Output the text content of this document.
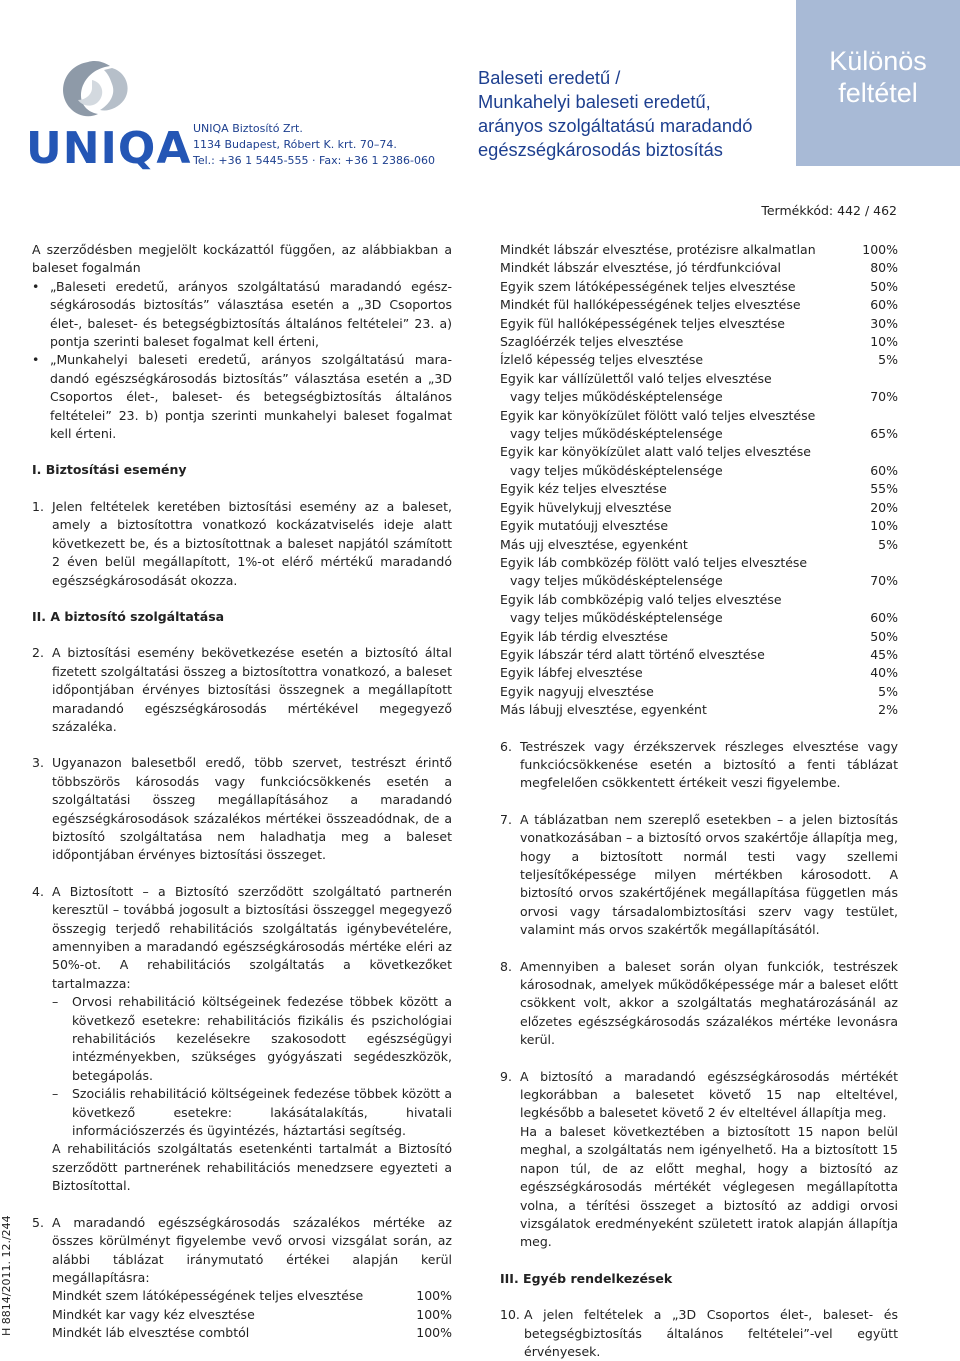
UNIQA UNIQA Biztosító Zrt.
1134 Budapest, Róbert K. krt. 70–74.
Tel.: +36 1 5445-555 · Fax: +36 1 2386-060
Baleseti eredetű /
Munkahelyi baleseti eredetű,
arányos szolgáltatású maradandó
egészségkárosodás biztosítás
Különös
feltétel
Termékkód: 442 / 462
H 8814/2011. 12./244

A szerződésben megjelölt kockázattól függően, az alábbiakban a baleset fogalmán

• „Baleseti eredetű, arányos szolgáltatású maradandó egészségkárosodás biztosítás” választása esetén a „3D Csoportos élet-, baleset- és betegségbiztosítás általános feltételei” 23. a) pontja szerinti baleset fogalmat kell érteni,

• „Munkahelyi baleseti eredetű, arányos szolgáltatású maradandó egészségkárosodás biztosítás” választása esetén a „3D Csoportos élet-, baleset- és betegségbiztosítás általános feltételei” 23. b) pontja szerinti munkahelyi baleset fogalmat kell érteni.

I. Biztosítási esemény
1. Jelen feltételek keretében biztosítási esemény az a baleset, amely a biztosítottra vonatkozó kockázatviselés ideje alatt következett be, és a biztosítottnak a baleset napjától számított 2 éven belül megállapított, 1%-ot elérő mértékű maradandó egészségkárosodását okozza.

II. A biztosító szolgáltatása
2. A biztosítási esemény bekövetkezése esetén a biztosító által fizetett szolgáltatási összeg a biztosítottra vonatkozó, a baleset időpontjában érvényes biztosítási összegnek a megállapított maradandó egészségkárosodás mértékével megegyező százaléka.

3. Ugyanazon balesetből eredő, több szervet, testrészt érintő többszörös károsodás vagy funkciócsökkenés esetén a szolgáltatási összeg megállapításához a maradandó egészségkárosodások százalékos mértékei összeadódnak, de a biztosító szolgáltatása nem haladhatja meg a baleset időpontjában érvényes biztosítási összeget.

4. A Biztosított – a Biztosító szerződött szolgáltató partnerén keresztül – továbbá jogosult a biztosítási összeggel megegyező összegig terjedő rehabilitációs szolgáltatás igénybevételére, amennyiben a maradandó egészségkárosodás mértéke eléri az 50%-ot. A rehabilitációs szolgáltatás a következőket tartalmazza:

– Orvosi rehabilitáció költségeinek fedezése többek között a következő esetekre: rehabilitációs fizikális és pszichológiai rehabilitációs kezelésekre szakosodott egészségügyi intézményekben, szükséges gyógyászati segédeszközök, betegápolás.

– Szociális rehabilitáció költségeinek fedezése többek között a következő esetekre: lakásátalakítás, hivatali információszerzés és ügyintézés, háztartási segítség.

A rehabilitációs szolgáltatás esetenkénti tartalmát a Biztosító szerződött partnerének rehabilitációs menedzsere egyezteti a Biztosítottal.

5. A maradandó egészségkárosodás százalékos mértéke az összes körülményt figyelembe vevő orvosi vizsgálat során, az alábbi táblázat iránymutató értékei alapján kerül megállapításra:

Mindkét szem látóképességének teljes elvesztése	100%
Mindkét kar vagy kéz elvesztése	100%
Mindkét láb elvesztése combtól	100%
Mindkét lábszár elvesztése, protézisre alkalmatlan	100%
Mindkét lábszár elvesztése, jó térdfunkcióval	80%
Egyik szem látóképességének teljes elvesztése	50%
Mindkét fül hallóképességének teljes elvesztése	60%
Egyik fül hallóképességének teljes elvesztése	30%
Szaglóérzék teljes elvesztése	10%
Ízlelő képesség teljes elvesztése	5%
Egyik kar vállízülettől való teljes elvesztése
vagy teljes működésképtelensége	70%
Egyik kar könyökízület fölött való teljes elvesztése
vagy teljes működésképtelensége	65%
Egyik kar könyökízület alatt való teljes elvesztése
vagy teljes működésképtelensége	60%
Egyik kéz teljes elvesztése	55%
Egyik hüvelykujj elvesztése	20%
Egyik mutatóujj elvesztése	10%
Más ujj elvesztése, egyenként	5%
Egyik láb combközép fölött való teljes elvesztése
vagy teljes működésképtelensége	70%
Egyik láb combközépig való teljes elvesztése
vagy teljes működésképtelensége	60%
Egyik láb térdig elvesztése	50%
Egyik lábszár térd alatt történő elvesztése	45%
Egyik lábfej elvesztése	40%
Egyik nagyujj elvesztése	5%
Más lábujj elvesztése, egyenként	2%
6. Testrészek vagy érzékszervek részleges elvesztése vagy funkciócsökkenése esetén a biztosító a fenti táblázat megfelelően csökkentett értékeit veszi figyelembe.

7. A táblázatban nem szereplő esetekben – a jelen biztosítás vonatkozásában – a biztosító orvos szakértője állapítja meg, hogy a biztosított normál testi vagy szellemi teljesítőképessége milyen mértékben károsodott. A biztosító orvos szakértőjének megállapítása független más orvosi vagy társadalombiztosítási szerv vagy testület, valamint más orvos szakértők megállapításától.

8. Amennyiben a baleset során olyan funkciók, testrészek károsodnak, amelyek működőképessége már a baleset előtt csökkent volt, akkor a szolgáltatás meghatározásánál az előzetes egészségkárosodás százalékos mértéke levonásra kerül.

9. A biztosító a maradandó egészségkárosodás mértékét legkorábban a balesetet követő 15 nap elteltével, legkésőbb a balesetet követő 2 év elteltével állapítja meg.

Ha a baleset következtében a biztosított 15 napon belül meghal, a szolgáltatás nem igényelhető. Ha a biztosított 15 napon túl, de az előtt meghal, hogy a biztosító az egészségkárosodás mértékét véglegesen megállapította volna, a térítési összeget a biztosító az addigi orvosi vizsgálatok eredményeként született iratok alapján állapítja meg.

III. Egyéb rendelkezések
10. A jelen feltételek a „3D Csoportos élet-, baleset- és betegségbiztosítás általános feltételei”-vel együtt érvényesek.
